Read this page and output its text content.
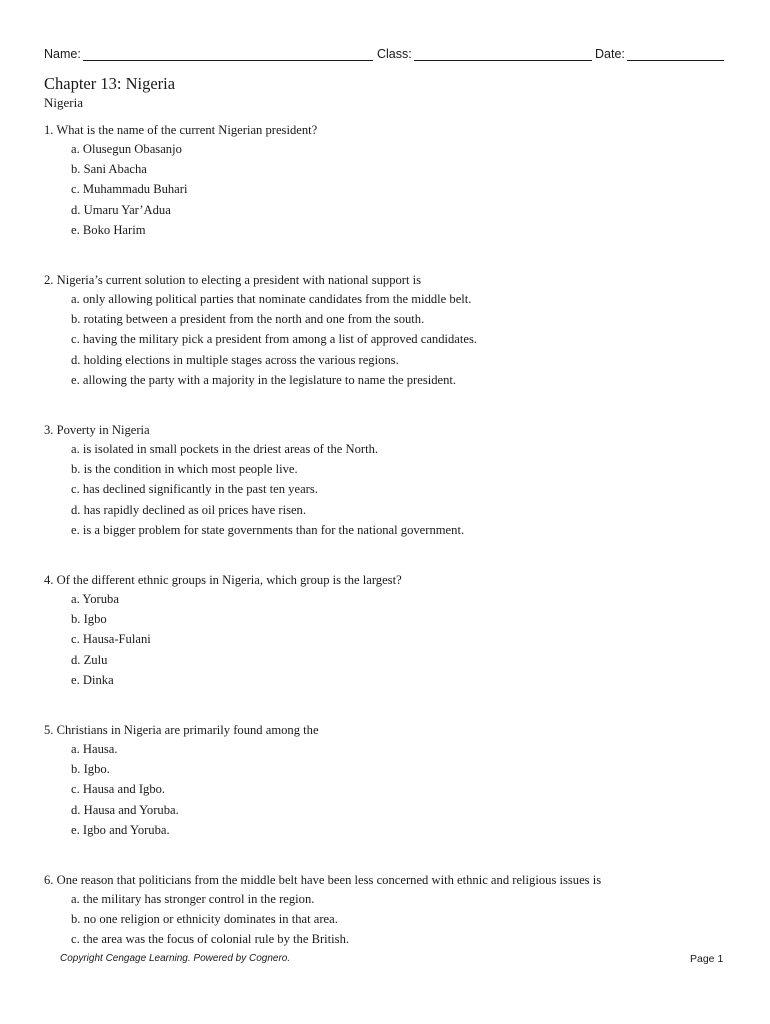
Name:	Class:	Date:
Chapter 13: Nigeria
Nigeria
1. What is the name of the current Nigerian president?
a. Olusegun Obasanjo
b. Sani Abacha
c. Muhammadu Buhari
d. Umaru Yar’Adua
e. Boko Harim
2. Nigeria’s current solution to electing a president with national support is
a. only allowing political parties that nominate candidates from the middle belt.
b. rotating between a president from the north and one from the south.
c. having the military pick a president from among a list of approved candidates.
d. holding elections in multiple stages across the various regions.
e. allowing the party with a majority in the legislature to name the president.
3. Poverty in Nigeria
a. is isolated in small pockets in the driest areas of the North.
b. is the condition in which most people live.
c. has declined significantly in the past ten years.
d. has rapidly declined as oil prices have risen.
e. is a bigger problem for state governments than for the national government.
4. Of the different ethnic groups in Nigeria, which group is the largest?
a. Yoruba
b. Igbo
c. Hausa-Fulani
d. Zulu
e. Dinka
5. Christians in Nigeria are primarily found among the
a. Hausa.
b. Igbo.
c. Hausa and Igbo.
d. Hausa and Yoruba.
e. Igbo and Yoruba.
6. One reason that politicians from the middle belt have been less concerned with ethnic and religious issues is
a. the military has stronger control in the region.
b. no one religion or ethnicity dominates in that area.
c. the area was the focus of colonial rule by the British.
Copyright Cengage Learning. Powered by Cognero.	Page 1
